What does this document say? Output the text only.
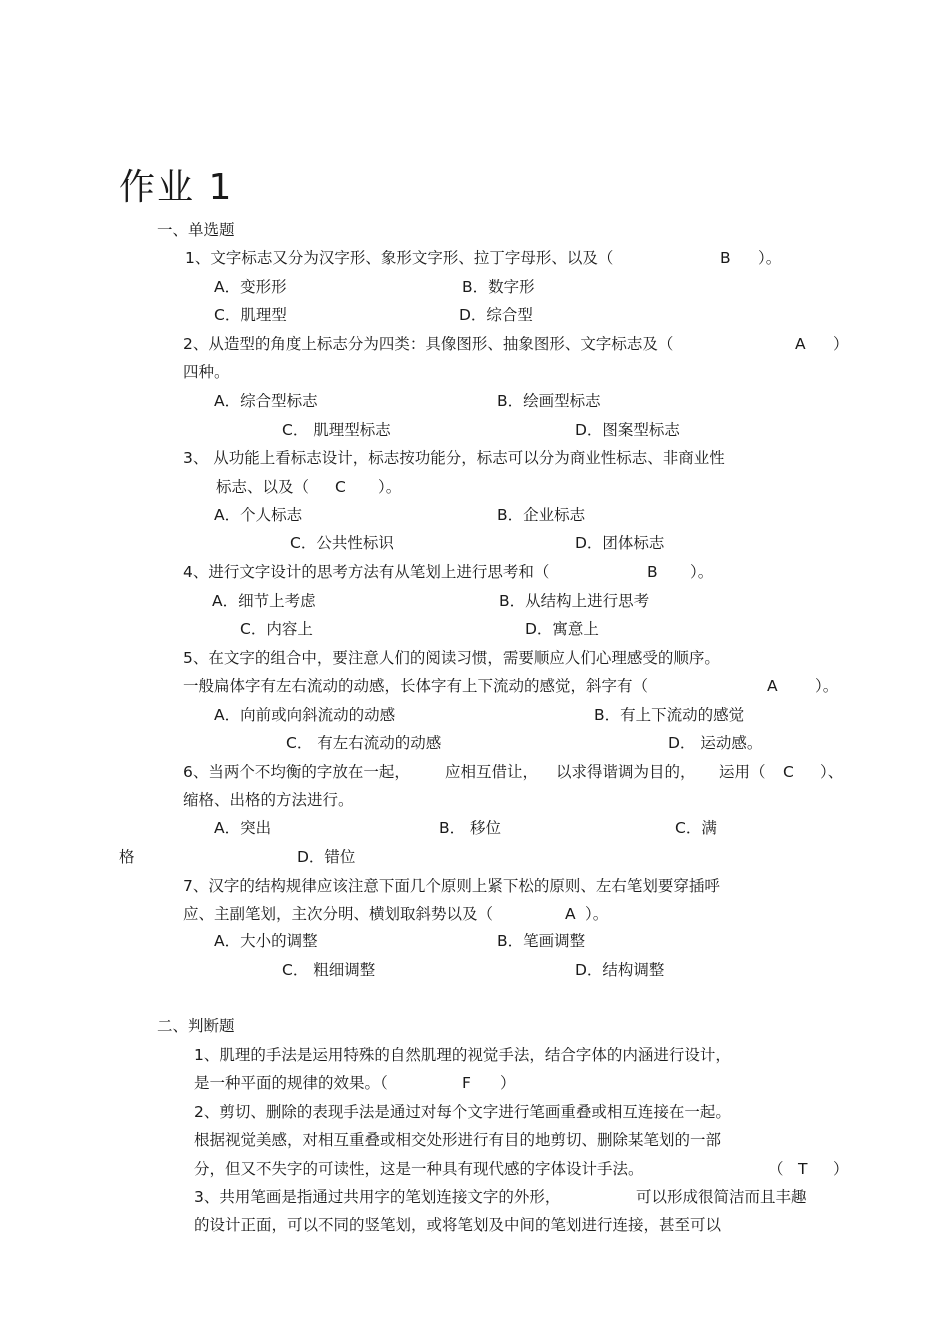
作业 1
一、单选题
1、文字标志又分为汉字形、象形文字形、拉丁字母形、以及（	B ）。
A．变形形	B．数字形
C．肌理型	D．综合型
2、从造型的角度上标志分为四类：具像图形、抽象图形、文字标志及（	A ）
四种。
A．综合型标志	B．绘画型标志
C． 肌理型标志	D．图案型标志
3、 从功能上看标志设计，标志按功能分，标志可以分为商业性标志、非商业性
标志、以及（ C ）。
A．个人标志	B．企业标志
C．公共性标识	D．团体标志
4、进行文字设计的思考方法有从笔划上进行思考和（	B ）。
A．细节上考虑	B．从结构上进行思考
C．内容上	D．寓意上
5、在文字的组合中，要注意人们的阅读习惯，需要顺应人们心理感受的顺序。
一般扁体字有左右流动的动感，长体字有上下流动的感觉，斜字有（	A ）。
A．向前或向斜流动的动感	B．有上下流动的感觉
C． 有左右流动的动感	D． 运动感。
6、当两个不均衡的字放在一起， 应相互借让， 以求得谐调为目的， 运用（ C ）、
缩格、出格的方法进行。
A．突出	B． 移位	C．满
格	D．错位
7、汉字的结构规律应该注意下面几个原则上紧下松的原则、左右笔划要穿插呼
应、主副笔划，主次分明、横划取斜势以及（	A ）。
A．大小的调整	B．笔画调整
C． 粗细调整	D．结构调整
二、判断题
1、肌理的手法是运用特殊的自然肌理的视觉手法，结合字体的内涵进行设计，
是一种平面的规律的效果。（	F ）
2、剪切、删除的表现手法是通过对每个文字进行笔画重叠或相互连接在一起。
根据视觉美感，对相互重叠或相交处形进行有目的地剪切、删除某笔划的一部
分，但又不失字的可读性，这是一种具有现代感的字体设计手法。	（ T ）
3、共用笔画是指通过共用字的笔划连接文字的外形，	可以形成很简洁而且丰趣
的设计正面，可以不同的竖笔划，或将笔划及中间的笔划进行连接，甚至可以
